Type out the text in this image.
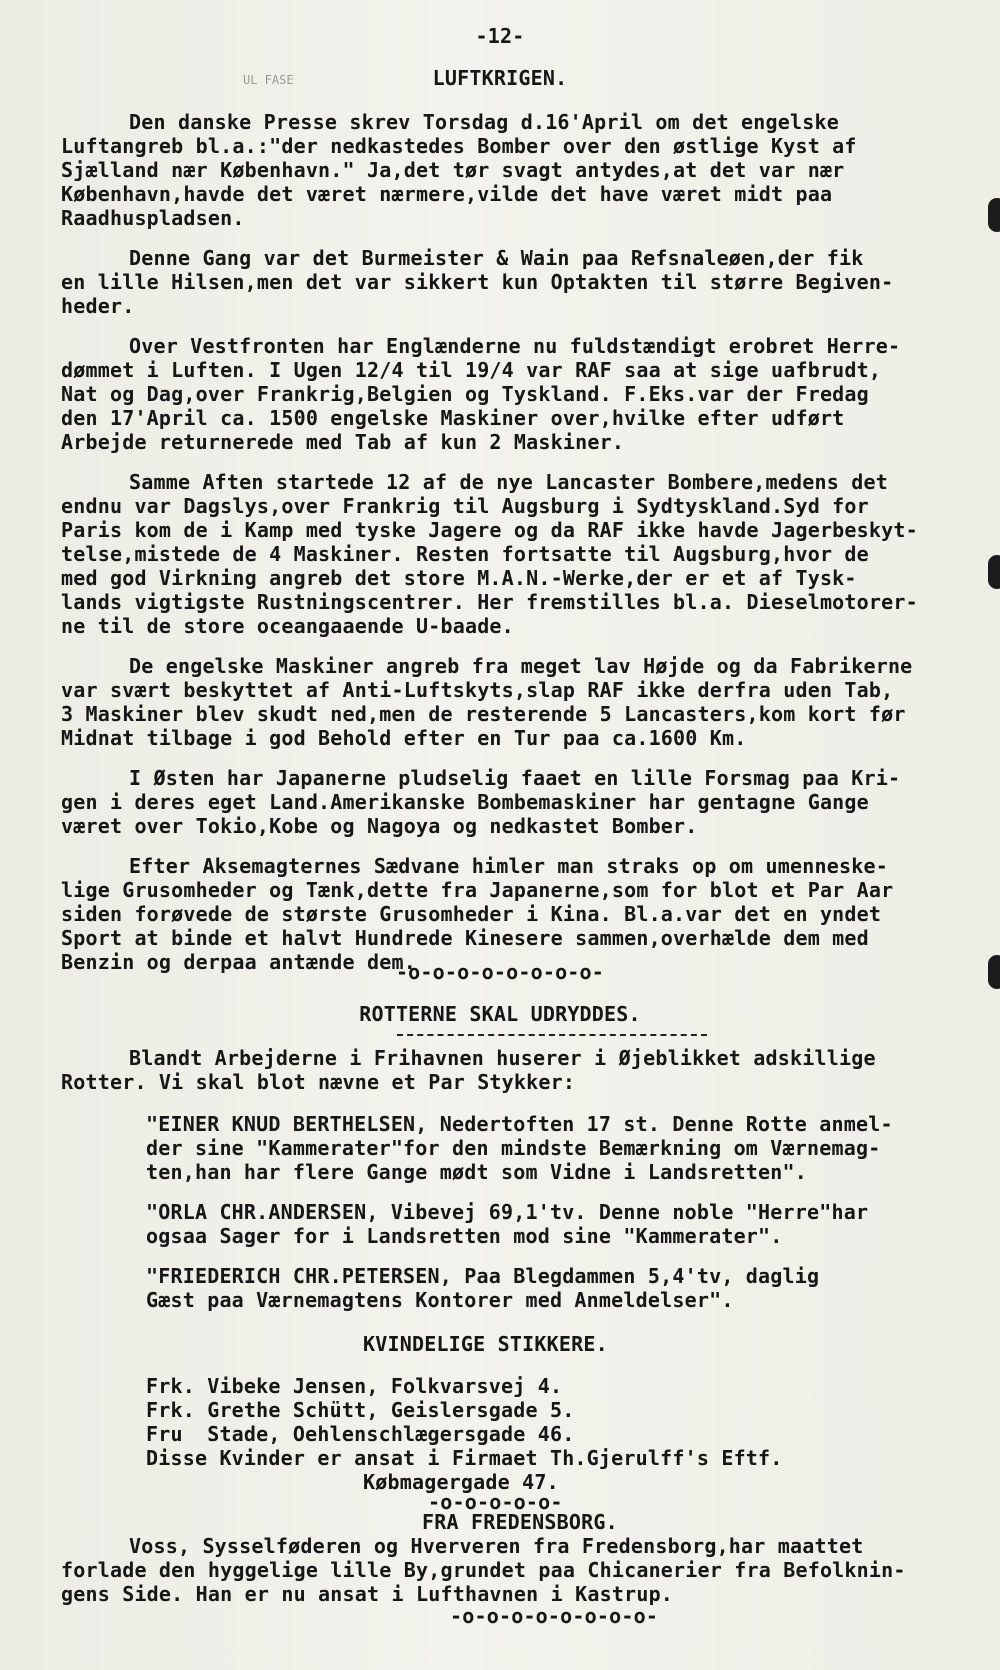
-12-
UL FASE	LUFTKRIGEN.
Den danske Presse skrev Torsdag d.16'April om det engelske
Luftangreb bl.a.:"der nedkastedes Bomber over den østlige Kyst af
Sjælland nær København." Ja,det tør svagt antydes,at det var nær
København,havde det været nærmere,vilde det have været midt paa
Raadhuspladsen.
Denne Gang var det Burmeister & Wain paa Refsnaleøen,der fik
en lille Hilsen,men det var sikkert kun Optakten til større Begiven-
heder.
Over Vestfronten har Englænderne nu fuldstændigt erobret Herre-
dømmet i Luften. I Ugen 12/4 til 19/4 var RAF saa at sige uafbrudt,
Nat og Dag,over Frankrig,Belgien og Tyskland. F.Eks.var der Fredag
den 17'April ca. 1500 engelske Maskiner over,hvilke efter udført
Arbejde returnerede med Tab af kun 2 Maskiner.
Samme Aften startede 12 af de nye Lancaster Bombere,medens det
endnu var Dagslys,over Frankrig til Augsburg i Sydtyskland.Syd for
Paris kom de i Kamp med tyske Jagere og da RAF ikke havde Jagerbeskyt-
telse,mistede de 4 Maskiner. Resten fortsatte til Augsburg,hvor de
med god Virkning angreb det store M.A.N.-Werke,der er et af Tysk-
lands vigtigste Rustningscentrer. Her fremstilles bl.a. Dieselmotorer-
ne til de store oceangaaende U-baade.
De engelske Maskiner angreb fra meget lav Højde og da Fabrikerne
var svært beskyttet af Anti-Luftskyts,slap RAF ikke derfra uden Tab,
3 Maskiner blev skudt ned,men de resterende 5 Lancasters,kom kort før
Midnat tilbage i god Behold efter en Tur paa ca.1600 Km.
I Østen har Japanerne pludselig faaet en lille Forsmag paa Kri-
gen i deres eget Land.Amerikanske Bombemaskiner har gentagne Gange
været over Tokio,Kobe og Nagoya og nedkastet Bomber.
Efter Aksemagternes Sædvane himler man straks op om umenneske-
lige Grusomheder og Tænk,dette fra Japanerne,som for blot et Par Aar
siden forøvede de største Grusomheder i Kina. Bl.a.var det en yndet
Sport at binde et halvt Hundrede Kinesere sammen,overhælde dem med
Benzin og derpaa antænde dem.
-o-o-o-o-o-o-o-o-
ROTTERNE SKAL UDRYDDES.
Blandt Arbejderne i Frihavnen huserer i Øjeblikket adskillige
Rotter. Vi skal blot nævne et Par Stykker:
"EINER KNUD BERTHELSEN, Nedertoften 17 st. Denne Rotte anmel-
der sine "Kammerater"for den mindste Bemærkning om Værnemag-
ten,han har flere Gange mødt som Vidne i Landsretten".
"ORLA CHR.ANDERSEN, Vibevej 69,1'tv. Denne noble "Herre"har
ogsaa Sager for i Landsretten mod sine "Kammerater".
"FRIEDERICH CHR.PETERSEN, Paa Blegdammen 5,4'tv, daglig
Gæst paa Værnemagtens Kontorer med Anmeldelser".
KVINDELIGE STIKKERE.
Frk. Vibeke Jensen, Folkvarsvej 4.
Frk. Grethe Schütt, Geislersgade 5.
Fru  Stade, Oehlenschlægersgade 46.
Disse Kvinder er ansat i Firmaet Th.Gjerulff's Eftf.
Købmagergade 47.
-o-o-o-o-o-
FRA FREDENSBORG.
Voss, Sysselføderen og Hververen fra Fredensborg,har maattet
forlade den hyggelige lille By,grundet paa Chicanerier fra Befolknin-
gens Side. Han er nu ansat i Lufthavnen i Kastrup.
-o-o-o-o-o-o-o-o-
